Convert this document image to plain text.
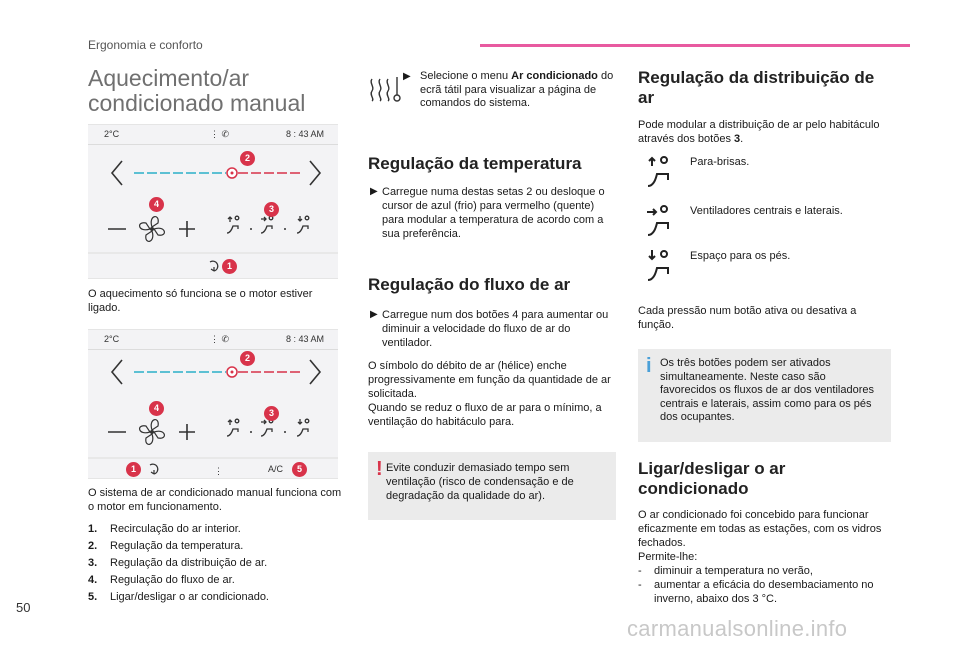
Ergonomia e conforto
Aquecimento/ar condicionado manual
2°C	⋮ ✆	8 : 43 AM
2
4	3
1
O aquecimento só funciona se o motor estiver ligado.
2°C	⋮ ✆	8 : 43 AM
⋮	A/C
2
4	3
1	5
O sistema de ar condicionado manual funciona com o motor em funcionamento.
1.	Recirculação do ar interior.
2.	Regulação da temperatura.
3.	Regulação da distribuição de ar.
4.	Regulação do fluxo de ar.
5.	Ligar/desligar o ar condicionado.
▶ Selecione o menu Ar condicionado do ecrã tátil para visualizar a página de comandos do sistema.
Regulação da temperatura
▶ Carregue numa destas setas 2 ou desloque o cursor de azul (frio) para vermelho (quente) para modular a temperatura de acordo com a sua preferência.

Regulação do fluxo de ar
▶ Carregue num dos botões 4 para aumentar ou diminuir a velocidade do fluxo de ar do ventilador.

O símbolo do débito de ar (hélice) enche progressivamente em função da quantidade de ar solicitada.

Quando se reduz o fluxo de ar para o mínimo, a ventilação do habitáculo para.

! Evite conduzir demasiado tempo sem ventilação (risco de condensação e de degradação da qualidade do ar).

Regulação da distribuição de ar

Pode modular a distribuição de ar pelo habitáculo através dos botões 3.

Para-brisas.
Ventiladores centrais e laterais.
Espaço para os pés.

Cada pressão num botão ativa ou desativa a função.

i Os três botões podem ser ativados simultaneamente. Neste caso são favorecidos os fluxos de ar dos ventiladores centrais e laterais, assim como para os pés dos ocupantes.

Ligar/desligar o ar condicionado

O ar condicionado foi concebido para funcionar eficazmente em todas as estações, com os vidros fechados.

Permite-lhe:

-	diminuir a temperatura no verão,
-	aumentar a eficácia do desembaciamento no inverno, abaixo dos 3 °C.
50
carmanualsonline.info
